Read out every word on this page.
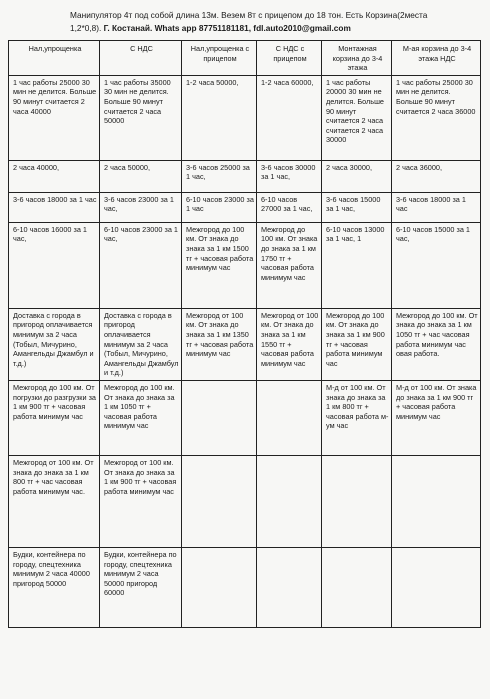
Манипулятор 4т под собой длина 13м. Везем 8т с прицепом до 18 тон. Есть Корзина(2места
1,2*0,8). Г. Костанай. Whats app 87751181181, fdl.auto2010@gmail.com
Нал,упрощенка	С НДС	Нал,упрощенка с прицепом	С НДС с прицепом	Монтажная корзина до 3-4 этажа	М-ая корзина до 3-4 этажа НДС
1 час работы 25000 30 мин не делится. Больше 90 минут считается 2 часа 40000	1 час работы 35000 30 мин не делится. Больше 90 минут считается 2 часа 50000	1-2 часа 50000,	1-2 часа 60000,	1 час работы 20000 30 мин не делится. Больше 90 минут считается 2 часа считается 2 часа 30000	1 час работы 25000 30 мин не делится. Больше 90 минут считается 2 часа 36000
2 часа 40000,	2 часа 50000,	3-6 часов 25000 за 1 час,	3-6 часов 30000 за 1 час,	2 часа 30000,	2 часа 36000,
3-6 часов 18000 за 1 час	3-6 часов 23000 за 1 час,	6-10 часов 23000 за 1 час	6-10 часов 27000 за 1 час,	3-6 часов 15000 за 1 час,	3-6 часов 18000 за 1 час
6-10 часов 16000 за 1 час,	6-10 часов 23000 за 1 час,	Межгород до 100 км. От знака до знака за 1 км 1500 тг + часовая работа минимум час	Межгород до 100 км. От знака до знака за 1 км 1750 тг + часовая работа минимум час	6-10 часов 13000 за 1 час, 1	6-10 часов 15000 за 1 час,
Доставка с города в пригород оплачивается минимум за 2 часа (Тобыл, Мичурино, Амангельды Джамбул и т.д.)	Доставка с города в пригород оплачивается минимум за 2 часа (Тобыл, Мичурино, Амангельды Джамбул и т.д.)	Межгород от 100 км. От знака до знака за 1 км 1350 тг + часовая работа минимум час	Межгород от 100 км. От знака до знака за 1 км 1550 тг + часовая работа минимум час	Межгород до 100 км. От знака до знака за 1 км 900 тг + часовая работа минимум час	Межгород до 100 км. От знака до знака за 1 км 1050 тг + час часовая работа минимум час овая работа.
Межгород до 100 км. От погрузки до разгрузки за 1 км 900 тг + часовая работа минимум час	Межгород до 100 км. От знака до знака за 1 км 1050 тг + часовая работа минимум час			М-д от 100 км. От знака до знака за 1 км 800 тг + часовая работа м-ум час	М-д от 100 км. От знака до знака за 1 км 900 тг + часовая работа минимум час
Межгород от 100 км. От знака до знака за 1 км 800 тг + час часовая работа минимум час.	Межгород от 100 км. От знака до знака за 1 км 900 тг + часовая работа минимум час				
Будки, контейнера по городу, спецтехника минимум 2 часа 40000 пригород 50000	Будки, контейнера по городу, спецтехника минимум 2 часа 50000 пригород 60000				
